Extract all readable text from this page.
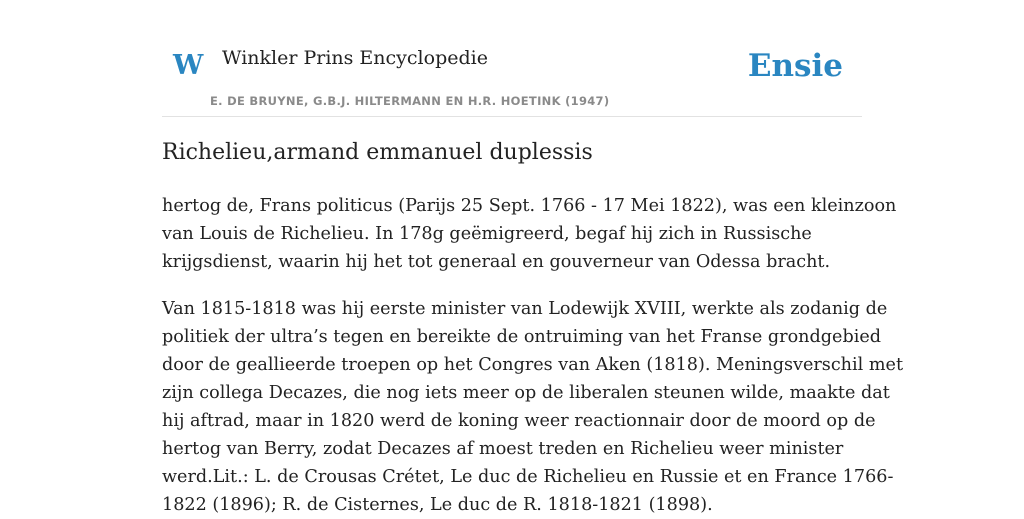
W Winkler Prins Encyclopedie
E. DE BRUYNE, G.B.J. HILTERMANN EN H.R. HOETINK (1947)
Ensie
Richelieu,armand emmanuel duplessis

hertog de, Frans politicus (Parijs 25 Sept. 1766 - 17 Mei 1822), was een kleinzoon
van Louis de Richelieu. In 178g geëmigreerd, begaf hij zich in Russische
krijgsdienst, waarin hij het tot generaal en gouverneur van Odessa bracht.

Van 1815-1818 was hij eerste minister van Lodewijk XVIII, werkte als zodanig de
politiek der ultra’s tegen en bereikte de ontruiming van het Franse grondgebied
door de geallieerde troepen op het Congres van Aken (1818). Meningsverschil met
zijn collega Decazes, die nog iets meer op de liberalen steunen wilde, maakte dat
hij aftrad, maar in 1820 werd de koning weer reactionnair door de moord op de
hertog van Berry, zodat Decazes af moest treden en Richelieu weer minister
werd.Lit.: L. de Crousas Crétet, Le duc de Richelieu en Russie et en France 1766-
1822 (1896); R. de Cisternes, Le duc de R. 1818-1821 (1898).
